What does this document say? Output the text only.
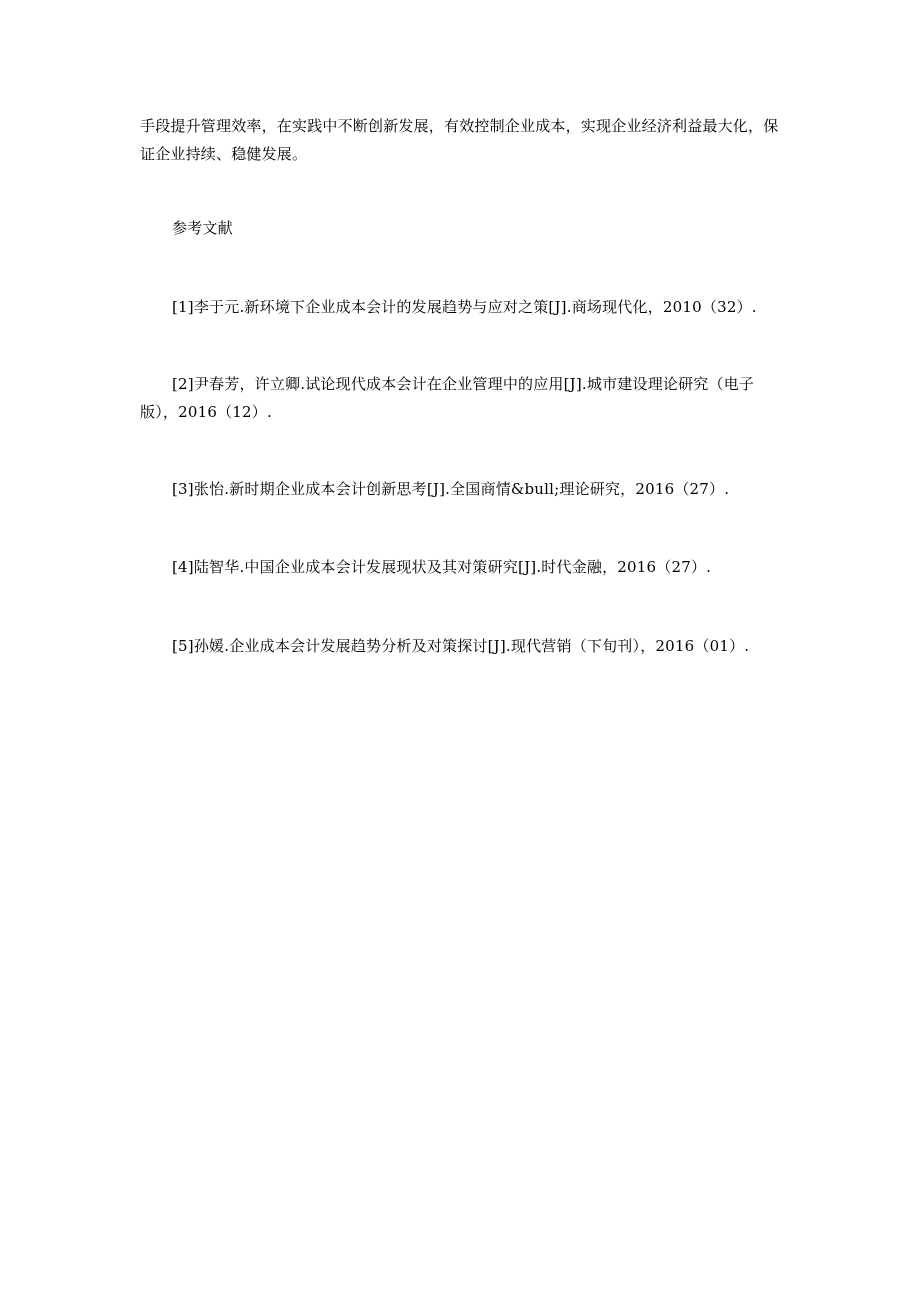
手段提升管理效率，在实践中不断创新发展，有效控制企业成本，实现企业经济利益最大化，保证企业持续、稳健发展。

参考文献

[1]李于元.新环境下企业成本会计的发展趋势与应对之策[J].商场现代化，2010（32）.

[2]尹春芳，许立卿.试论现代成本会计在企业管理中的应用[J].城市建设理论研究（电子版），2016（12）.

[3]张怡.新时期企业成本会计创新思考[J].全国商情&bull;理论研究，2016（27）.

[4]陆智华.中国企业成本会计发展现状及其对策研究[J].时代金融，2016（27）.

[5]孙媛.企业成本会计发展趋势分析及对策探讨[J].现代营销（下旬刊），2016（01）.
